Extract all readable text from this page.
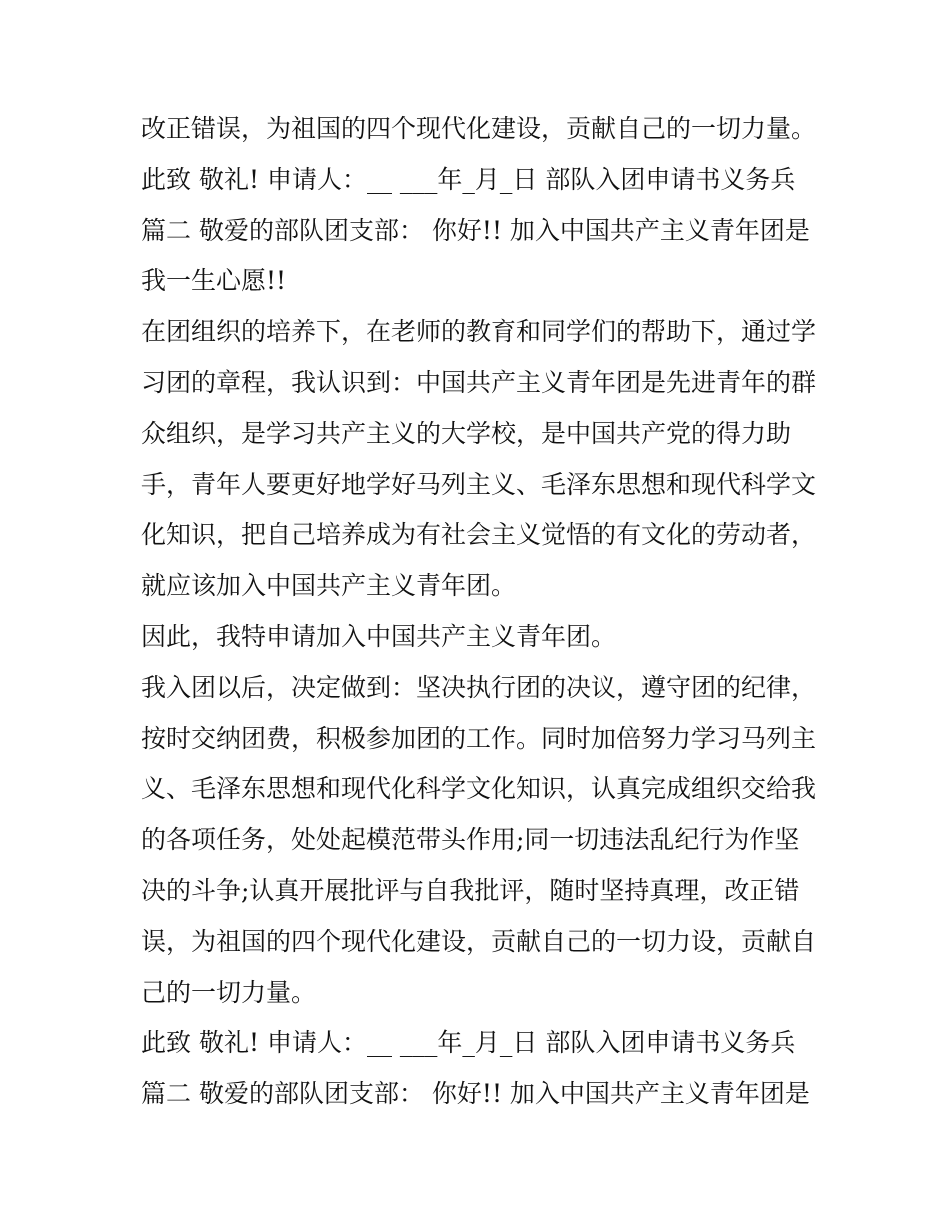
改正错误，为祖国的四个现代化建设，贡献自己的一切力量。
此致 敬礼! 申请人：__ ___年_月_日 部队入团申请书义务兵
篇二 敬爱的部队团支部： 你好!! 加入中国共产主义青年团是
我一生心愿!!
在团组织的培养下，在老师的教育和同学们的帮助下，通过学
习团的章程，我认识到：中国共产主义青年团是先进青年的群
众组织，是学习共产主义的大学校，是中国共产党的得力助
手，青年人要更好地学好马列主义、毛泽东思想和现代科学文
化知识，把自己培养成为有社会主义觉悟的有文化的劳动者，
就应该加入中国共产主义青年团。
因此，我特申请加入中国共产主义青年团。
我入团以后，决定做到：坚决执行团的决议，遵守团的纪律，
按时交纳团费，积极参加团的工作。同时加倍努力学习马列主
义、毛泽东思想和现代化科学文化知识，认真完成组织交给我
的各项任务，处处起模范带头作用;同一切违法乱纪行为作坚
决的斗争;认真开展批评与自我批评，随时坚持真理，改正错
误，为祖国的四个现代化建设，贡献自己的一切力设，贡献自
己的一切力量。
此致 敬礼! 申请人：__ ___年_月_日 部队入团申请书义务兵
篇二 敬爱的部队团支部： 你好!! 加入中国共产主义青年团是
